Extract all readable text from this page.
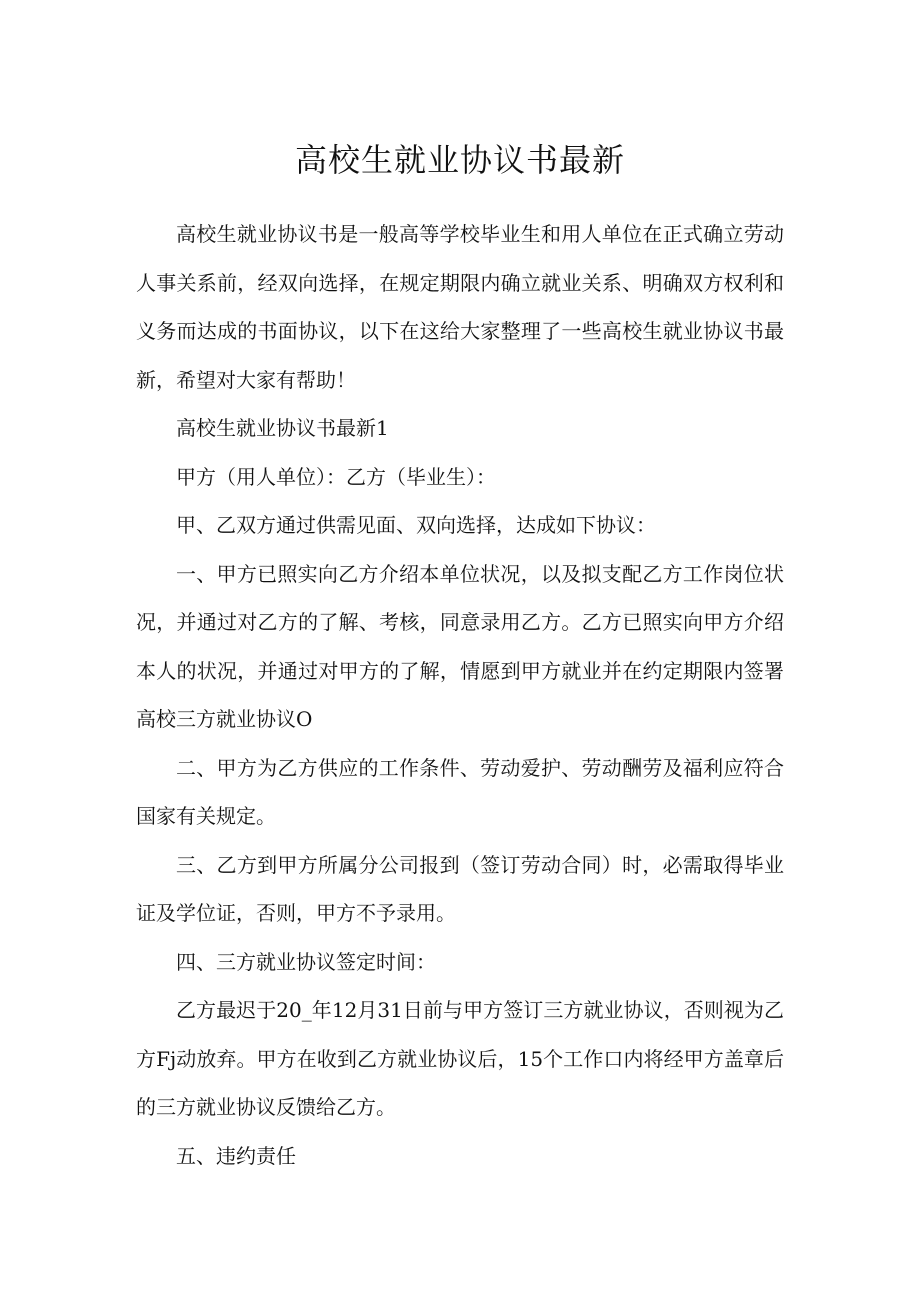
高校生就业协议书最新

高校生就业协议书是一般高等学校毕业生和用人单位在正式确立劳动人事关系前，经双向选择，在规定期限内确立就业关系、明确双方权利和义务而达成的书面协议，以下在这给大家整理了一些高校生就业协议书最新，希望对大家有帮助！

高校生就业协议书最新1

甲方（用人单位）：乙方（毕业生）：

甲、乙双方通过供需见面、双向选择，达成如下协议：

一、甲方已照实向乙方介绍本单位状况，以及拟支配乙方工作岗位状况，并通过对乙方的了解、考核，同意录用乙方。乙方已照实向甲方介绍本人的状况，并通过对甲方的了解，情愿到甲方就业并在约定期限内签署高校三方就业协议O

二、甲方为乙方供应的工作条件、劳动爱护、劳动酬劳及福利应符合国家有关规定。

三、乙方到甲方所属分公司报到（签订劳动合同）时，必需取得毕业证及学位证，否则，甲方不予录用。

四、三方就业协议签定时间：

乙方最迟于20_年12月31日前与甲方签订三方就业协议，否则视为乙方Fj动放弃。甲方在收到乙方就业协议后，15个工作口内将经甲方盖章后的三方就业协议反馈给乙方。

五、违约责任
